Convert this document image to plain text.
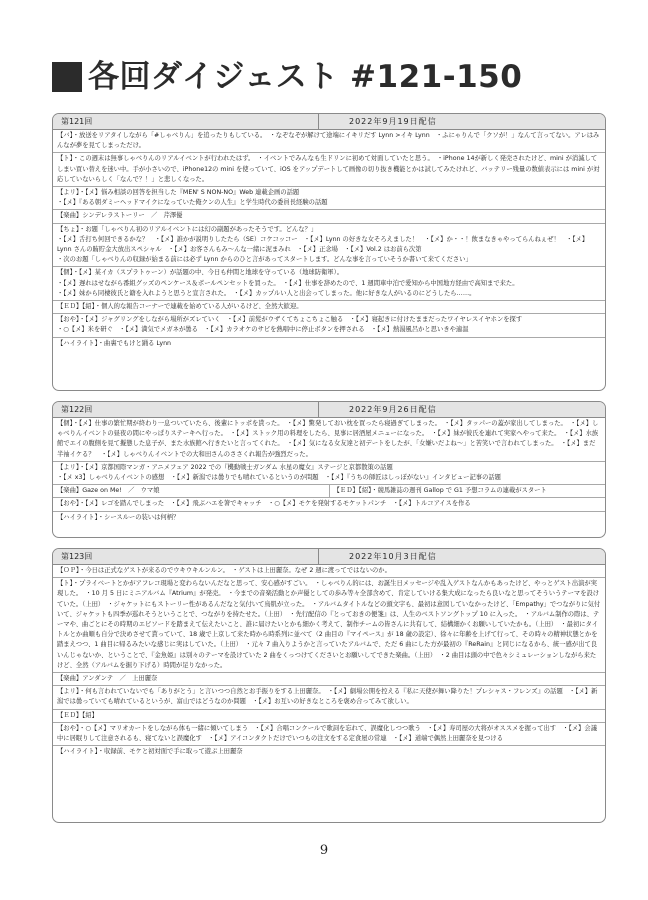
各回ダイジェスト #121-150
第121回	2022年9月19日配信
【バ】・放送をリアタイしながら「#しゃべりん」を追ったりもしている。　・なぞなぞが解けて途端にイキリだす Lynn >イキ Lynn　・ふにゃりんで「クソが！」なんて言ってない。アレはみんなが夢を見てしまっただけ。
【ト】・この週末は無事しゃべりんのリアルイベントが行われたはず。　・イベントでみんなも生ドリンに初めて対面していたと思う。　・iPhone 14が新しく発売されたけど、mini が消滅してしまい買い替えを迷い中。手が小さいので、iPhone12の mini を使っていて、iOS をアップデートして画像の切り抜き機能とかは試してみたけれど、バッテリー残量の数値表示には mini が対応していないらしく「なんで？！」と悲しくなった。
【よリ】・【メ】悩み相談の回答を担当した『MEN' S NON-NO』Web 連載企画の話題
・【メ】『ある朝ダミーヘッドマイクになっていた俺クンの人生』と学生時代の委員長経験の話題
【楽曲】シンデレラストーリー　／　芹澤優
【ちょ】・お題「しゃべりん初のリアルイベントには幻の副題があったそうです。どんな？」
・【メ】舌打ち何回できるかな？　・【メ】誰かが説明りしたたら（SE）コケコッコー　・【メ】Lynn の好きな女そろえました！　・【メ】か・・！飲まなきゃやってらんねぇぜ！　・【メ】Lynn さんの賄貯金大放出スペシャル　・【メ】お客さんもみ～んな一緒に泥まみれ　・【メ】正念場　・【メ】Vol.2 はお前ら次第
・次のお題「しゃべりんの収録が始まる前には必ず Lynn からのひと言があってスタートします。どんな事を言っていそうか書いて来てください」
【個】・【メ】某イカ（スプラトゥーン）が話題の中、今日も仲間と地球を守っている（地球防衛軍）。
・【メ】遅れはせながら番組グッズのペンケース＆ボールペンセットを買った。　・【メ】仕事を辞めたので、1 週間車中泊で愛知から中国地方経由で高知まで来た。
・【メ】妹から同棲彼氏と籍を入れようと思うと宣言された。　・【メ】カップルい人と出会ってしまった。他に好きな人がいるのにどうしたら……。
【ＥＤ】【紹】・個人的な報告コーナーで連載を始めている人がいるけど、全然大歓迎。
【おや】・【メ】ジャグリングをしながら場所がズレていく　・【メ】前髪がウザくてちょこちょこ触る　・【メ】寝起きに付けたままだったワイヤレスイヤホンを探す
・○【メ】米を研ぐ　・【メ】満気でメガネが曇る　・【メ】カラオケのサビを熱唱中に停止ボタンを押される　・【メ】熱湯風呂かと思いきや適温
【ハイライト】・曲裏でもけと踊る Lynn
第122回	2022年9月26日配信
【個】・【メ】仕事の繁忙期が終わり一息ついていたら、後輩にトッポを貰った。　・【メ】驚発しておい枕を買ったら寝過ぎてしまった。　・【メ】タッパーの蓋が家出してしまった。　・【メ】しゃべりんイベントの昼夜の間にやっぱりステーキへ行った。　・【メ】ストック用の料理をしたら、見事に居酒屋メニューになった。　・【メ】妹が彼氏を連れて実家へやって来た。　・【メ】水族館でエイの腹側を見て擬態した息子が、また水族館へ行きたいと言ってくれた。　・【メ】気になる女友達と初デートをしたが、「女嫌いだよね～」と苦笑いで言われてしまった。　・【メ】まだ半袖イケる？　・【メ】しゃべりんイベントでの大和田さんのささくれ報告が強烈だった。
【よリ】・【メ】京都国際マンガ・アニメフェア 2022 での『機動戦士ガンダム 水星の魔女』ステージと京都散策の話題
・【メ x3】しゃべりんイベントの感想　・【メ】新潟では曇りでも晴れているというのが問題　・【メ】『うちの師匠はしっぽがない』インタビュー記事の話題
【楽曲】Gaze on Me!　／　ウマ娘	【ＥＤ】【紹】・競馬雑誌の週刊 Gallop で G1 予想コラムの連載がスタート
【おや】・【メ】レゴを踏んでしまった　・【メ】飛ぶハエを箸でキャッチ　・○【メ】モケを発射するモケットパンチ　・【メ】トルコアイスを作る
【ハイライト】・シースルーの装いは何柄？
第123回	2022年10月3日配信
【ＯＰ】・今日は正式なゲストが来るのでウキウキルンルン。　・ゲストは上田麗奈。なぜ 2 週に渡ってではないのか。
【ト】・プライベートとかがアフレコ現場と変わらないんだなと思って、安心感がすごい。　・しゃべりん的には、お誕生日メッセージや乱入ゲストなんかもあったけど、やっとゲスト出演が実現した。　・10 月 5 日にミニアルバム『Atrium』が発売。　・今までの音楽活動とか声優としての歩み等々全部含めて、肯定していける集大成になったら良いなと思ってそういうテーマを設けていた。（上田）　・ジャケットにもストーリー性があるんだなと気付いて鳥肌が立った。　・アルバムタイトルなどの頭文字も、最初は意図していなかったけど、「Empathy」でつながりに気付いて、ジャケットも四季が巡れそうということで、つながりを持たせた。（上田）　・先行配信の『とっておきの便箋』は、人生のベストソングトップ 10 に入った。　・アルバム制作の際は、テーマや、曲ごとにその時期のエピソードを踏まえて伝えたいこと、誰に届けたいとかも細かく考えて、制作チームの皆さんに共有して、結構細かくお願いしていたかも。（上田）　・最初にタイトルとか曲順も自分で決めさせて貰っていて、18 歳で上京して来た時から時系列に並べて（2 曲目の『マイペース』が 18 歳の設定）、徐々に年齢を上げて行って、その時々の精神状態とかを踏まえつつ、1 曲目に帰るみたいな感じに実はしていた。（上田）　・元々 7 曲入りようかと言っていたアルバムで、ただ 6 曲にした方が最初の『ReRain』と同じになるから、統一感が出て良いんじゃないか、ということで、『金魚姫』は別々のテーマを設けていた 2 曲をくっつけてくださいとお願いしてできた楽曲。（上田）　・2 曲目は頭の中で色々シミュレーションしながら来たけど、全然（アルバムを掘り下げる）時間が足りなかった。
【楽曲】アンダンテ　／　上田麗奈
【よリ】・何も言われていないでも「ありがとう」と言いつつ自然とお手振りをする上田麗奈。　・【メ】劇場公開を控える『私に天使が舞い降りた！プレシャス・フレンズ』の話題　・【メ】新潟では曇っていても晴れているというが、富山ではどうなのか問題　・【メ】お互いの好きなところを褒め合ってみて欲しい。
【ＥＤ】【紹】
【おや】・○【メ】マリオカートをしながら体も一緒に傾いてしまう　・【メ】合唱コンクールで歌詞を忘れて、誤魔化しつつ歌う　・【メ】寿司屋の大将がオススメを握って出す　・【メ】会議中に居眠りして注意されるも、寝てないと誤魔化す　・【メ】アイコンタクトだけでいつもの注文をする定食屋の常連　・【メ】道端で偶然上田麗奈を見つける
【ハイライト】・収録前、モケと初対面で手に取って遊ぶ上田麗奈
9
